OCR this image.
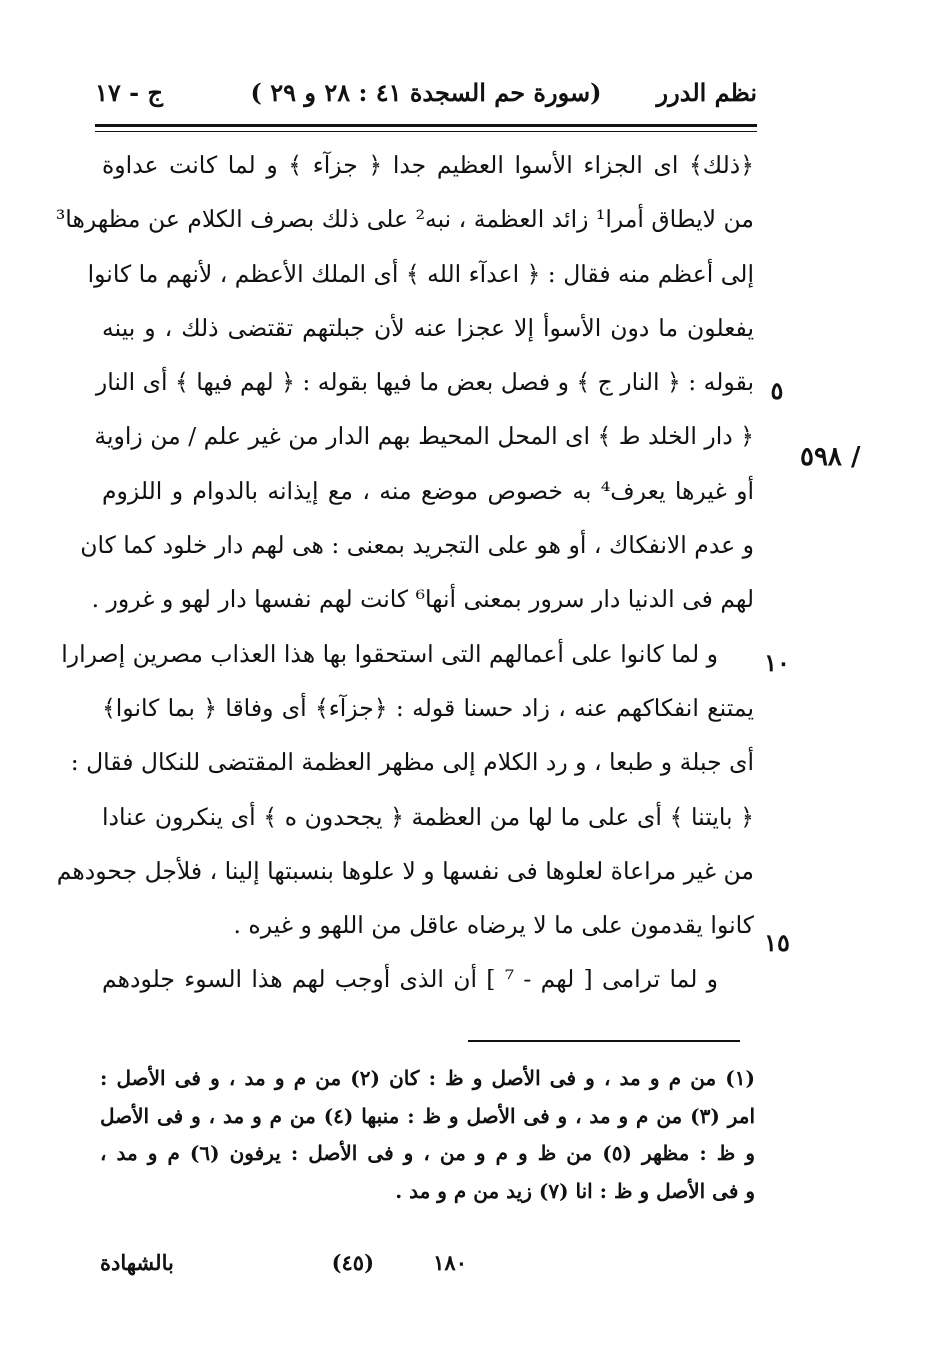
نظم الدرر
(سورة حم السجدة ٤١ : ٢٨ و ٢٩ )
ج - ١٧
/ ٥٩٨
٥
١٠
١٥
﴿ذلك﴾ اى الجزاء الأسوا العظيم جدا ﴿ جزآء ﴾ و لما كانت عداوة
من لايطاق أمرا¹ زائد العظمة ، نبه² على ذلك بصرف الكلام عن مظهرها³
إلى أعظم منه فقال : ﴿ اعدآء الله ﴾ أى الملك الأعظم ، لأنهم ما كانوا
يفعلون ما دون الأسوأ إلا عجزا عنه لأن جبلتهم تقتضى ذلك ، و بينه
بقوله : ﴿ النار ج ﴾ و فصل بعض ما فيها بقوله : ﴿ لهم فيها ﴾ أى النار
﴿ دار الخلد ط ﴾ اى المحل المحيط بهم الدار من غير علم / من زاوية
أو غيرها يعرف⁴ به خصوص موضع منه ، مع إيذانه بالدوام و اللزوم
و عدم الانفكاك ، أو هو على التجريد بمعنى : هى لهم دار خلود كما كان
لهم فى الدنيا دار سرور بمعنى أنها⁶ كانت لهم نفسها دار لهو و غرور .
و لما كانوا على أعمالهم التى استحقوا بها هذا العذاب مصرين إصرارا
يمتنع انفكاكهم عنه ، زاد حسنا قوله : ﴿جزآء﴾ أى وفاقا ﴿ بما كانوا﴾
أى جبلة و طبعا ، و رد الكلام إلى مظهر العظمة المقتضى للنكال فقال :
﴿ بايتنا ﴾ أى على ما لها من العظمة ﴿ يجحدون ه ﴾ أى ينكرون عنادا
من غير مراعاة لعلوها فى نفسها و لا علوها بنسبتها إلينا ، فلأجل جحودهم
كانوا يقدمون على ما لا يرضاه عاقل من اللهو و غيره .
و لما ترامى [ لهم - ⁷ ] أن الذى أوجب لهم هذا السوء جلودهم
(١) من م و مد ، و فى الأصل و ظ : كان (٢) من م و مد ، و فى الأصل :
امر (٣) من م و مد ، و فى الأصل و ظ : منبها (٤) من م و مد ، و فى الأصل
و ظ : مظهر (٥) من ظ و م و من ، و فى الأصل : يرفون (٦) م و مد ،
و فى الأصل و ظ : انا (٧) زيد من م و مد .
١٨٠
(٤٥)
بالشهادة
